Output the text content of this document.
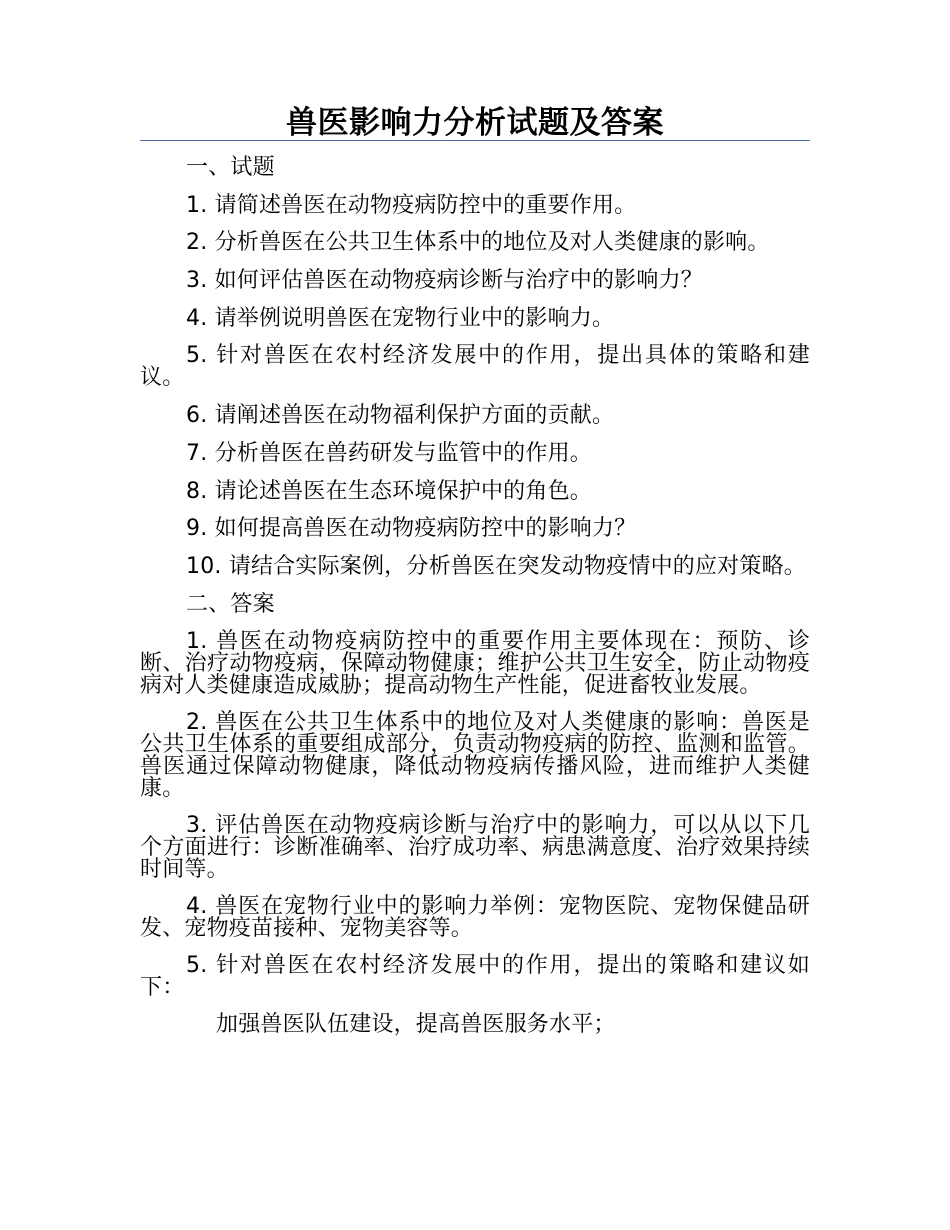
兽医影响力分析试题及答案

一、试题

1. 请简述兽医在动物疫病防控中的重要作用。

2. 分析兽医在公共卫生体系中的地位及对人类健康的影响。

3. 如何评估兽医在动物疫病诊断与治疗中的影响力？

4. 请举例说明兽医在宠物行业中的影响力。

5. 针对兽医在农村经济发展中的作用，提出具体的策略和建议。

6. 请阐述兽医在动物福利保护方面的贡献。

7. 分析兽医在兽药研发与监管中的作用。

8. 请论述兽医在生态环境保护中的角色。

9. 如何提高兽医在动物疫病防控中的影响力？

10. 请结合实际案例，分析兽医在突发动物疫情中的应对策略。

二、答案

1. 兽医在动物疫病防控中的重要作用主要体现在：预防、诊断、治疗动物疫病，保障动物健康；维护公共卫生安全，防止动物疫病对人类健康造成威胁；提高动物生产性能，促进畜牧业发展。

2. 兽医在公共卫生体系中的地位及对人类健康的影响：兽医是公共卫生体系的重要组成部分，负责动物疫病的防控、监测和监管。兽医通过保障动物健康，降低动物疫病传播风险，进而维护人类健康。

3. 评估兽医在动物疫病诊断与治疗中的影响力，可以从以下几个方面进行：诊断准确率、治疗成功率、病患满意度、治疗效果持续时间等。

4. 兽医在宠物行业中的影响力举例：宠物医院、宠物保健品研发、宠物疫苗接种、宠物美容等。

5. 针对兽医在农村经济发展中的作用，提出的策略和建议如下：

加强兽医队伍建设，提高兽医服务水平；
